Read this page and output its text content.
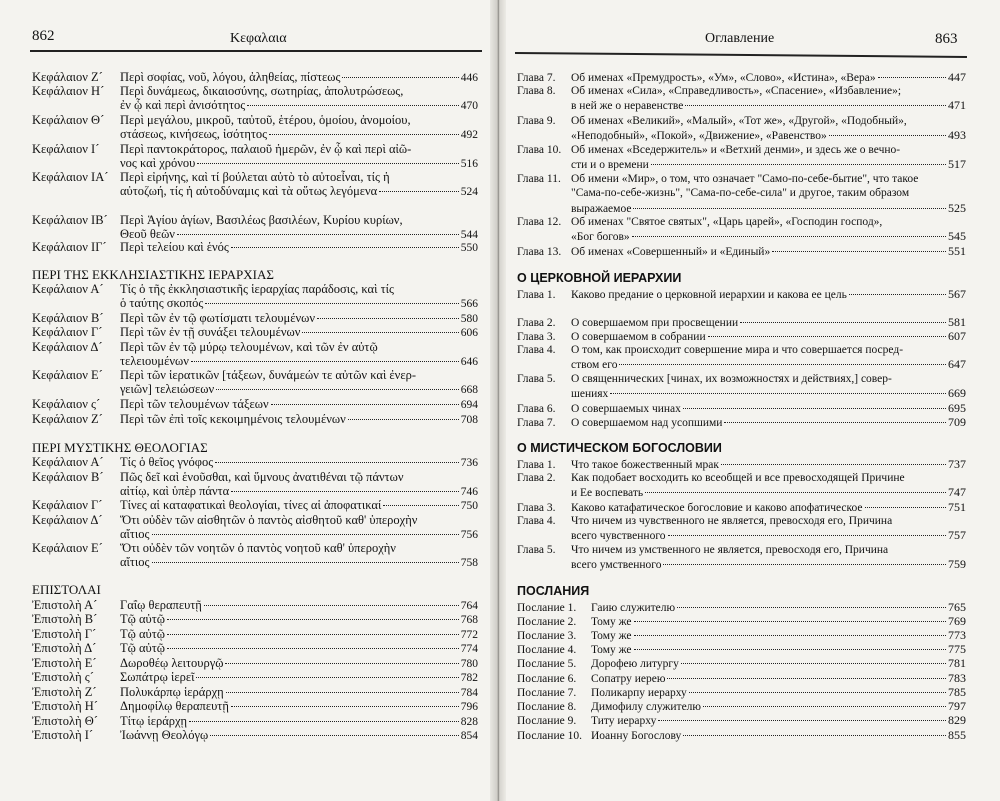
862	Κεφαλαια
Κεφάλαιον Ζ´	Περὶ σοφίας, νοῦ, λόγου, ἀληθείας, πίστεως	446
Κεφάλαιον Η´	Περὶ δυνάμεως, δικαιοσύνης, σωτηρίας, ἀπολυτρώσεως,
ἐν ᾧ καὶ περὶ ἀνισότητος	470
Κεφάλαιον Θ´	Περὶ μεγάλου, μικροῦ, ταὐτοῦ, ἑτέρου, ὁμοίου, ἀνομοίου,
στάσεως, κινήσεως, ἰσότητος	492
Κεφάλαιον Ι´	Περὶ παντοκράτορος, παλαιοῦ ἡμερῶν, ἐν ᾧ καὶ περὶ αἰῶ-
νος καὶ χρόνου	516
Κεφάλαιον ΙΑ´ Περὶ εἰρήνης, καὶ τί βούλεται αὐτὸ τὸ αὐτοεἶναι, τίς ἡ
αὐτοζωή, τίς ἡ αὐτοδύναμις καὶ τὰ οὕτως λεγόμενα	524
Κεφάλαιον ΙΒ´ Περὶ Ἁγίου ἁγίων, Βασιλέως βασιλέων, Κυρίου κυρίων,
Θεοῦ θεῶν	544
Κεφάλαιον ΙΓ´	Περὶ τελείου καὶ ἑνός	550
ΠΕΡΙ ΤΗΣ ΕΚΚΛΗΣΙΑΣΤΙΚΗΣ ΙΕΡΑΡΧΙΑΣ
Κεφάλαιον Α´	Τίς ὁ τῆς ἐκκλησιαστικῆς ἱεραρχίας παράδοσις, καὶ τίς
ὁ ταύτης σκοπός	566
Κεφάλαιον Β´	Περὶ τῶν ἐν τῷ φωτίσματι τελουμένων	580
Κεφάλαιον Γ´	Περὶ τῶν ἐν τῇ συνάξει τελουμένων	606
Κεφάλαιον Δ´	Περὶ τῶν ἐν τῷ μύρῳ τελουμένων, καὶ τῶν ἐν αὐτῷ
τελειουμένων	646
Κεφάλαιον Ε´	Περὶ τῶν ἱερατικῶν [τάξεων, δυνάμεών τε αὐτῶν καὶ ἐνερ-
γειῶν] τελειώσεων	668
Κεφάλαιον ς´	Περὶ τῶν τελουμένων τάξεων	694
Κεφάλαιον Ζ´	Περὶ τῶν ἐπὶ τοῖς κεκοιμημένοις τελουμένων	708
ΠΕΡΙ ΜΥΣΤΙΚΗΣ ΘΕΟΛΟΓΙΑΣ
Κεφάλαιον Α´	Τίς ὁ θεῖος γνόφος	736
Κεφάλαιον Β´	Πῶς δεῖ καὶ ἑνοῦσθαι, καὶ ὕμνους ἀνατιθέναι τῷ πάντων
αἰτίῳ, καὶ ὑπὲρ πάντα	746
Κεφάλαιον Γ´	Τίνες αἱ καταφατικαὶ θεολογίαι, τίνες αἱ ἀποφατικαί	750
Κεφάλαιον Δ´	Ὅτι οὐδὲν τῶν αἰσθητῶν ὁ παντὸς αἰσθητοῦ καθ' ὑπεροχὴν
αἴτιος	756
Κεφάλαιον Ε´	Ὅτι οὐδὲν τῶν νοητῶν ὁ παντὸς νοητοῦ καθ' ὑπεροχὴν
αἴτιος	758
ΕΠΙΣΤΟΛΑΙ
Ἐπιστολὴ Α´	Γαΐῳ θεραπευτῇ	764
Ἐπιστολὴ Β´	Τῷ αὐτῷ	768
Ἐπιστολὴ Γ´	Τῷ αὐτῷ	772
Ἐπιστολὴ Δ´	Τῷ αὐτῷ	774
Ἐπιστολὴ Ε´	Δωροθέῳ λειτουργῷ	780
Ἐπιστολὴ ς´	Σωπάτρῳ ἱερεῖ	782
Ἐπιστολὴ Ζ´	Πολυκάρπῳ ἱεράρχῃ	784
Ἐπιστολὴ Η´	Δημοφίλῳ θεραπευτῇ	796
Ἐπιστολὴ Θ´	Τίτῳ ἱεράρχῃ	828
Ἐπιστολὴ Ι´	Ἰωάννῃ Θεολόγῳ	854
Оглавление	863
Глава 7.	Об именах «Премудрость», «Ум», «Слово», «Истина», «Вера»	447
Глава 8.	Об именах «Сила», «Справедливость», «Спасение», «Избавление»;
в ней же о неравенстве	471
Глава 9.	Об именах «Великий», «Малый», «Тот же», «Другой», «Подобный»,
«Неподобный», «Покой», «Движение», «Равенство»	493
Глава 10. Об именах «Вседержитель» и «Ветхий денми», и здесь же о вечно-
сти и о времени	517
Глава 11. Об имени «Мир», о том, что означает "Само-по-себе-бытие", что такое
"Сама-по-себе-жизнь", "Сама-по-себе-сила" и другое, таким образом
выражаемое	525
Глава 12. Об именах "Святое святых", «Царь царей», «Господин господ»,
«Бог богов»	545
Глава 13. Об именах «Совершенный» и «Единый»	551
О ЦЕРКОВНОЙ ИЕРАРХИИ
Глава 1.	Каково предание о церковной иерархии и какова ее цель	567
Глава 2.	О совершаемом при просвещении	581
Глава 3.	О совершаемом в собрании	607
Глава 4.	О том, как происходит совершение мира и что совершается посред-
ством его	647
Глава 5.	О священнических [чинах, их возможностях и действиях,] совер-
шениях	669
Глава 6.	О совершаемых чинах	695
Глава 7.	О совершаемом над усопшими	709
О МИСТИЧЕСКОМ БОГОСЛОВИИ
Глава 1.	Что такое божественный мрак	737
Глава 2.	Как подобает восходить ко всеобщей и все превосходящей Причине
и Ее воспевать	747
Глава 3.	Каково катафатическое богословие и каково апофатическое	751
Глава 4.	Что ничем из чувственного не является, превосходя его, Причина
всего чувственного	757
Глава 5.	Что ничем из умственного не является, превосходя его, Причина
всего умственного	759
ПОСЛАНИЯ
Послание 1.	Гаию служителю	765
Послание 2.	Тому же	769
Послание 3.	Тому же	773
Послание 4.	Тому же	775
Послание 5.	Дорофею литургу	781
Послание 6.	Сопатру иерею	783
Послание 7.	Поликарпу иерарху	785
Послание 8.	Димофилу служителю	797
Послание 9.	Титу иерарху	829
Послание 10. Иоанну Богослову	855
